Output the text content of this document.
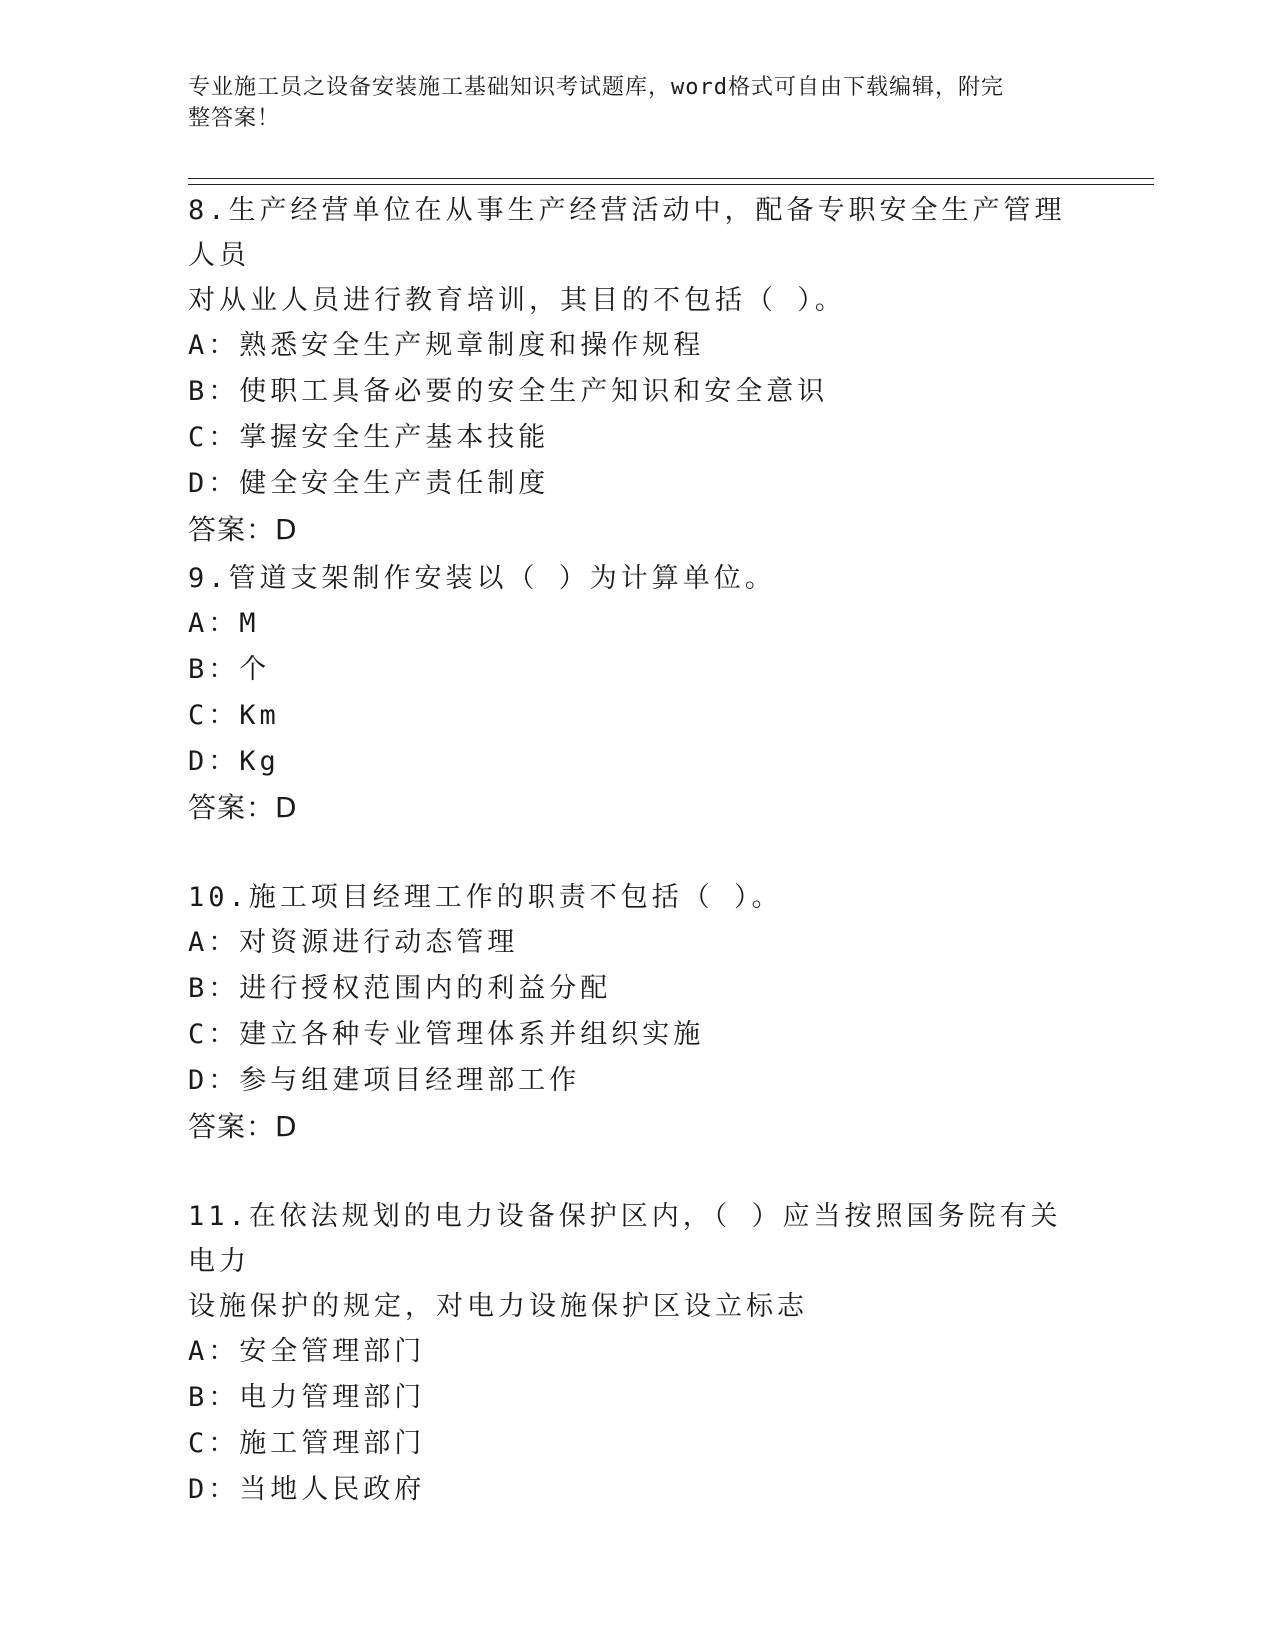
专业施工员之设备安装施工基础知识考试题库，word格式可自由下载编辑，附完
整答案！
8.生产经营单位在从事生产经营活动中，配备专职安全生产管理人员
对从业人员进行教育培训，其目的不包括（ ）。
A：熟悉安全生产规章制度和操作规程
B：使职工具备必要的安全生产知识和安全意识
C：掌握安全生产基本技能
D：健全安全生产责任制度
答案：D
9.管道支架制作安装以（ ）为计算单位。
A：M
B：个
C：Km
D：Kg
答案：D
10.施工项目经理工作的职责不包括（ ）。
A：对资源进行动态管理
B：进行授权范围内的利益分配
C：建立各种专业管理体系并组织实施
D：参与组建项目经理部工作
答案：D
11.在依法规划的电力设备保护区内，（ ）应当按照国务院有关电力
设施保护的规定，对电力设施保护区设立标志
A：安全管理部门
B：电力管理部门
C：施工管理部门
D：当地人民政府
